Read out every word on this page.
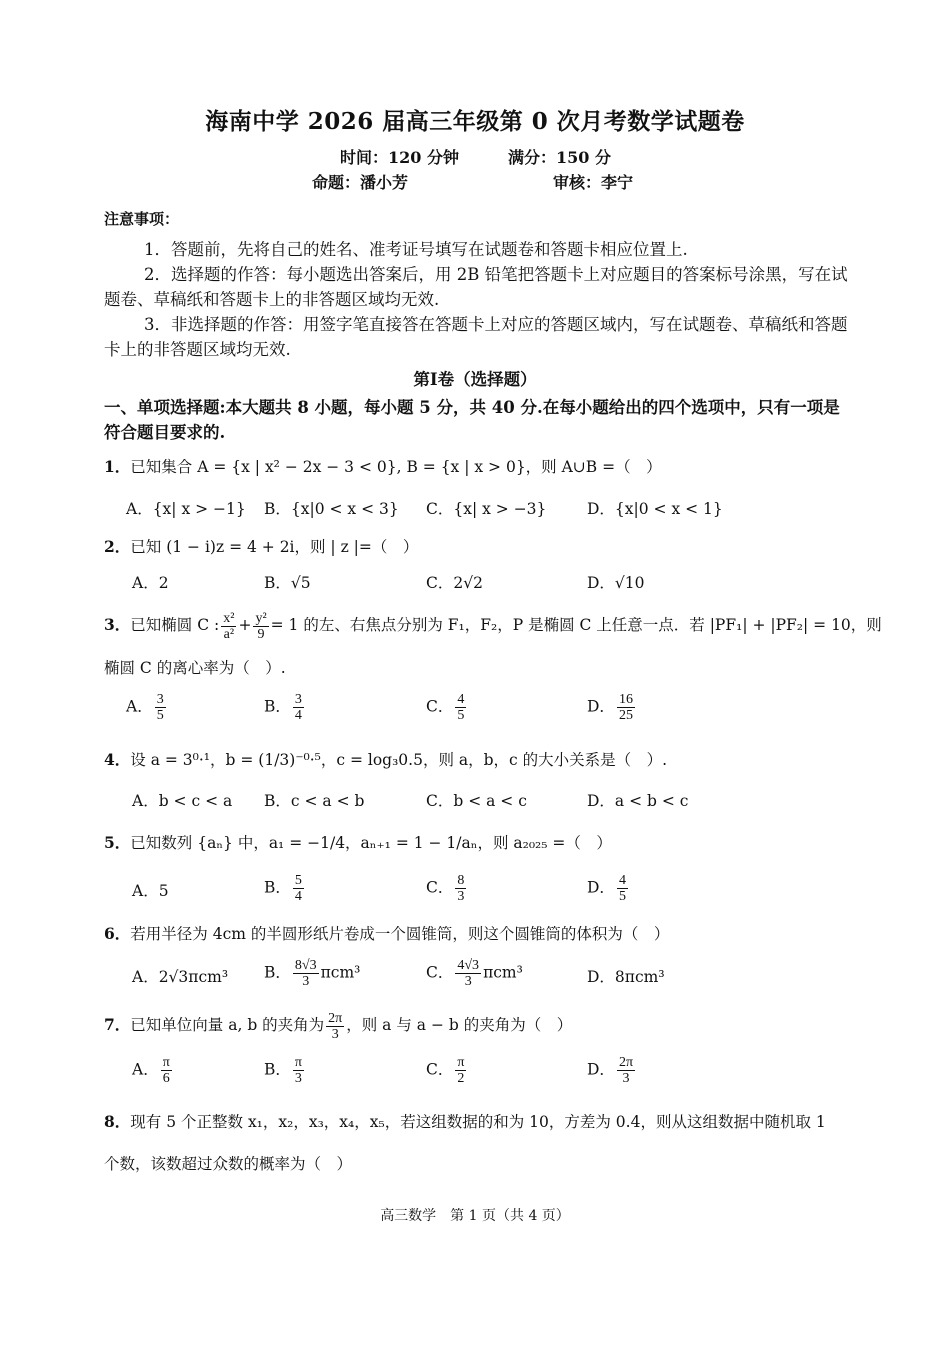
海南中学 2026 届高三年级第 0 次月考数学试题卷
时间：120 分钟	满分：150 分
命题：潘小芳	审核：李宁
注意事项：
1．答题前，先将自己的姓名、准考证号填写在试题卷和答题卡相应位置上.
2．选择题的作答：每小题选出答案后，用 2B 铅笔把答题卡上对应题目的答案标号涂黑，写在试题卷、草稿纸和答题卡上的非答题区域均无效.
3．非选择题的作答：用签字笔直接答在答题卡上对应的答题区域内，写在试题卷、草稿纸和答题卡上的非答题区域均无效.
第Ⅰ卷（选择题）
一、单项选择题:本大题共 8 小题，每小题 5 分，共 40 分.在每小题给出的四个选项中，只有一项是符合题目要求的.
1．已知集合 A = {x | x² − 2x − 3 < 0}, B = {x | x > 0}，则 A∪B =（　）
A．{x| x > −1} B．{x|0 < x < 3} C．{x| x > −3}	D．{x|0 < x < 1}
2．已知 (1 − i)z = 4 + 2i，则 | z |=（　）
A．2	B．√5	C．2√2	D．√10
3．已知椭圆 C : $\frac{\text{x²}}{\text{a²}} + \frac{\text{y²}}{9} = 1$ 的左、右焦点分别为 F₁，F₂，P 是椭圆 C 上任意一点．若 |PF₁| + |PF₂| = 10，则
椭圆 C 的离心率为（　）.
A． $\frac{3}{5}$	B． $\frac{3}{4}$	C． $\frac{4}{5}$	D． $\frac{16}{25}$
4．设 a = 3⁰·¹，b = (1/3)⁻⁰·⁵，c = log₃0.5，则 a，b，c 的大小关系是（　）.
A．b < c < a B．c < a < b	C．b < a < c	D．a < b < c
5．已知数列 {aₙ} 中，a₁ = −1/4，aₙ₊₁ = 1 − 1/aₙ，则 a₂₀₂₅ =（　）
A．5	B． $\frac{5}{4}$	C． $\frac{8}{3}$	D． $\frac{4}{5}$
6．若用半径为 4cm 的半圆形纸片卷成一个圆锥筒，则这个圆锥筒的体积为（　）
A．2√3πcm³ B． $\frac{8√3}{3} \pi cm^3$	C． $\frac{4√3}{3} \pi cm^3$	D．8πcm³
7．已知单位向量 a, b 的夹角为 $\frac{2\pi}{3}$ ，则 a 与 a − b 的夹角为（　）
A． $\frac{\pi}{6}$	B． $\frac{\pi}{3}$	C． $\frac{\pi}{2}$	D． $\frac{2\pi}{3}$
8．现有 5 个正整数 x₁，x₂，x₃，x₄，x₅，若这组数据的和为 10，方差为 0.4，则从这组数据中随机取 1
个数，该数超过众数的概率为（　）
高三数学　第 1 页（共 4 页）
